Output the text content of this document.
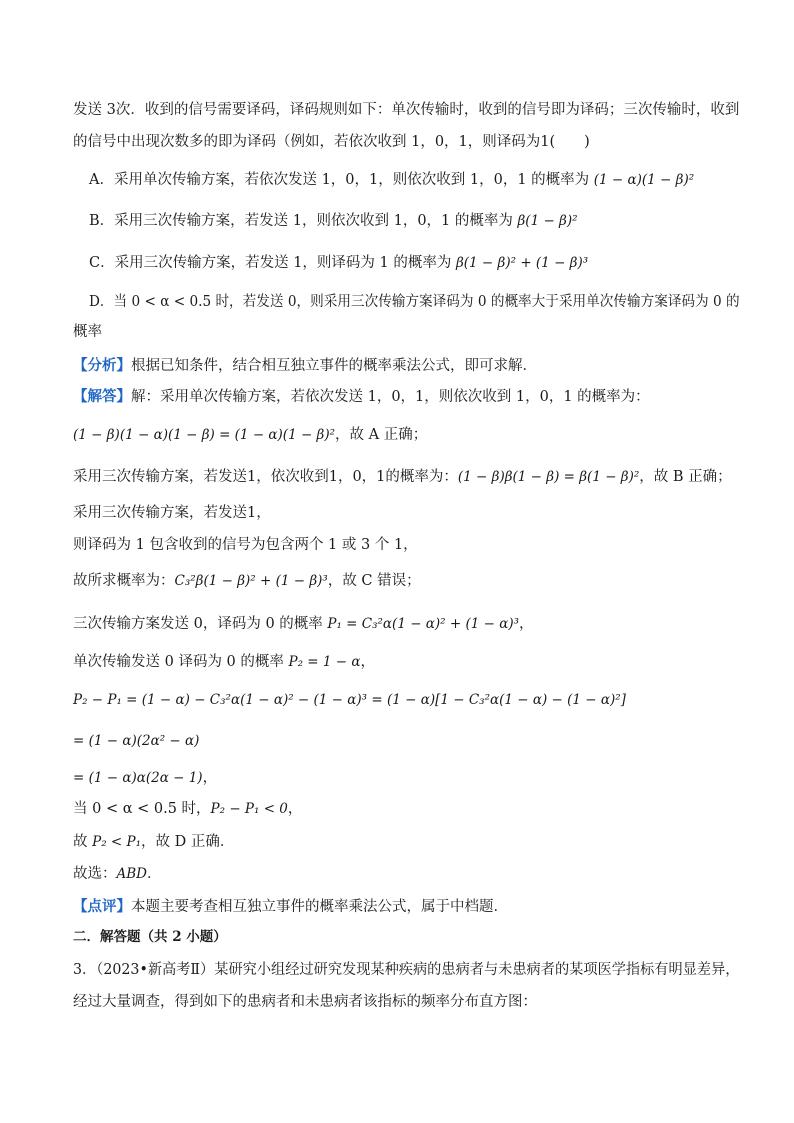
发送 3次．收到的信号需要译码，译码规则如下：单次传输时，收到的信号即为译码；三次传输时，收到
的信号中出现次数多的即为译码（例如，若依次收到 1，0，1，则译码为1(　　)
A．采用单次传输方案，若依次发送 1，0，1，则依次收到 1，0，1 的概率为 (1 − α)(1 − β)²
B．采用三次传输方案，若发送 1，则依次收到 1，0，1 的概率为 β(1 − β)²
C．采用三次传输方案，若发送 1，则译码为 1 的概率为 β(1 − β)² + (1 − β)³
D．当 0 < α < 0.5 时，若发送 0，则采用三次传输方案译码为 0 的概率大于采用单次传输方案译码为 0 的
概率
【分析】根据已知条件，结合相互独立事件的概率乘法公式，即可求解．
【解答】解：采用单次传输方案，若依次发送 1，0，1，则依次收到 1，0，1 的概率为：
(1 − β)(1 − α)(1 − β) = (1 − α)(1 − β)²，故 A 正确；
采用三次传输方案，若发送1，依次收到1，0，1的概率为：(1 − β)β(1 − β) = β(1 − β)²，故 B 正确；
采用三次传输方案，若发送1，
则译码为 1 包含收到的信号为包含两个 1 或 3 个 1，
故所求概率为：C₃²β(1 − β)² + (1 − β)³，故 C 错误；
三次传输方案发送 0，译码为 0 的概率 P₁ = C₃²α(1 − α)² + (1 − α)³，
单次传输发送 0 译码为 0 的概率 P₂ = 1 − α，
P₂ − P₁ = (1 − α) − C₃²α(1 − α)² − (1 − α)³ = (1 − α)[1 − C₃²α(1 − α) − (1 − α)²]
= (1 − α)(2α² − α)
= (1 − α)α(2α − 1)，
当 0 < α < 0.5 时，P₂ − P₁ < 0，
故 P₂ < P₁，故 D 正确．
故选：ABD．
【点评】本题主要考查相互独立事件的概率乘法公式，属于中档题．
二．解答题（共 2 小题）
3．（2023•新高考Ⅱ）某研究小组经过研究发现某种疾病的患病者与未患病者的某项医学指标有明显差异，
经过大量调查，得到如下的患病者和未患病者该指标的频率分布直方图：
